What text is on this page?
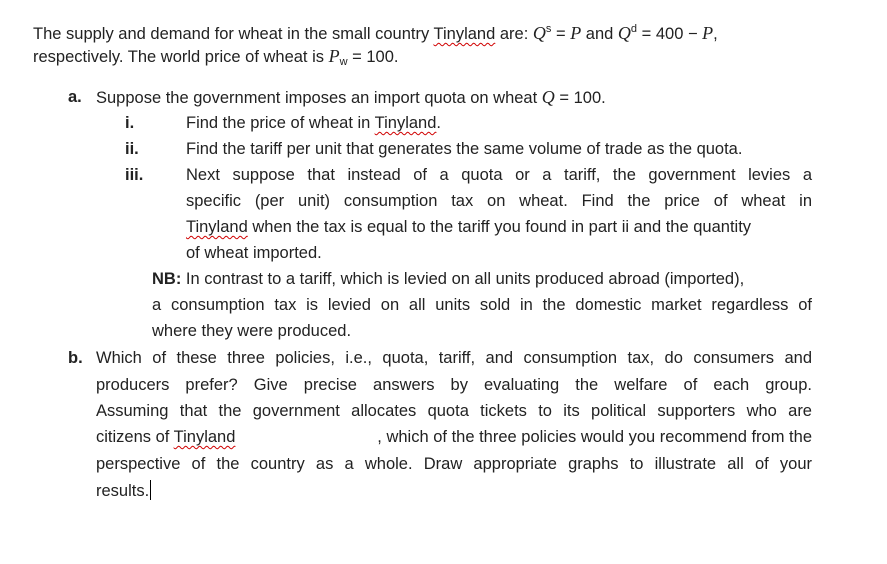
The supply and demand for wheat in the small country Tinyland are: $Q^s = P$ and $Q^d = 400 - P$,
respectively. The world price of wheat is $P_w = 100$.
a. Suppose the government imposes an import quota on wheat Q = 100.
i.	Find the price of wheat in Tinyland.
ii.	Find the tariff per unit that generates the same volume of trade as the quota.
iii.	Next suppose that instead of a quota or a tariff, the government levies a
specific (per unit) consumption tax on wheat. Find the price of wheat in
Tinyland when the tax is equal to the tariff you found in part ii and the quantity
of wheat imported.
NB: In contrast to a tariff, which is levied on all units produced abroad (imported),
a consumption tax is levied on all units sold in the domestic market regardless of
where they were produced.
b. Which of these three policies, i.e., quota, tariff, and consumption tax, do consumers and
producers prefer? Give precise answers by evaluating the welfare of each group.
Assuming that the government allocates quota tickets to its political supporters who are
citizens of Tinyland	, which of the three policies would you recommend from the
perspective of the country as a whole. Draw appropriate graphs to illustrate all of your
results.
